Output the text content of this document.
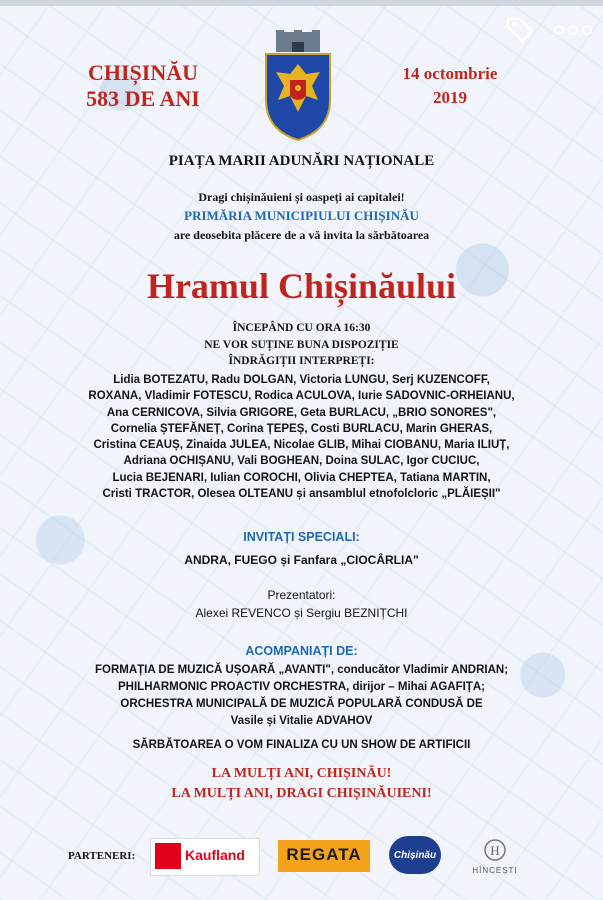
CHIȘINĂU
583 DE ANI
14 octombrie
2019
PIAȚA MARII ADUNĂRI NAȚIONALE
Dragi chișinăuieni și oaspeți ai capitalei!
PRIMĂRIA MUNICIPIULUI CHIȘINĂU
are deosebita plăcere de a vă invita la sărbătoarea
Hramul Chișinăului
ÎNCEPÂND CU ORA 16:30
NE VOR SUȚINE BUNA DISPOZIȚIE
ÎNDRĂGIȚII INTERPREȚI:
Lidia BOTEZATU, Radu DOLGAN, Victoria LUNGU, Serj KUZENCOFF,
ROXANA, Vladimir FOTESCU, Rodica ACULOVA, Iurie SADOVNIC-ORHEIANU,
Ana CERNICOVA, Silvia GRIGORE, Geta BURLACU, „BRIO SONORES",
Cornelia ȘTEFĂNEȚ, Corina ȚEPEȘ, Costi BURLACU, Marin GHERAS,
Cristina CEAUȘ, Zinaida JULEA, Nicolae GLIB, Mihai CIOBANU, Maria ILIUȚ,
Adriana OCHIȘANU, Vali BOGHEAN, Doina SULAC, Igor CUCIUC,
Lucia BEJENARI, Iulian COROCHI, Olivia CHEPTEA, Tatiana MARTIN,
Cristi TRACTOR, Olesea OLTEANU și ansamblul etnofolcloric „PLĂIEȘII"
INVITAȚI SPECIALI:
ANDRA, FUEGO și Fanfara „CIOCÂRLIA"
Prezentatori:
Alexei REVENCO și Sergiu BEZNIȚCHI
ACOMPANIAȚI DE:
FORMAȚIA DE MUZICĂ UȘOARĂ „AVANTI", conducător Vladimir ANDRIAN;
PHILHARMONIC PROACTIV ORCHESTRA, dirijor – Mihai AGAFIȚA;
ORCHESTRA MUNICIPALĂ DE MUZICĂ POPULARĂ CONDUSĂ DE
Vasile și Vitalie ADVAHOV
SĂRBĂTOAREA O VOM FINALIZA CU UN SHOW DE ARTIFICII
LA MULȚI ANI, CHIȘINĂU!
LA MULȚI ANI, DRAGI CHIȘINĂUIENI!
PARTENERI:	Kaufland	REGATA	Chișinău	H
HÎNCEȘTI
